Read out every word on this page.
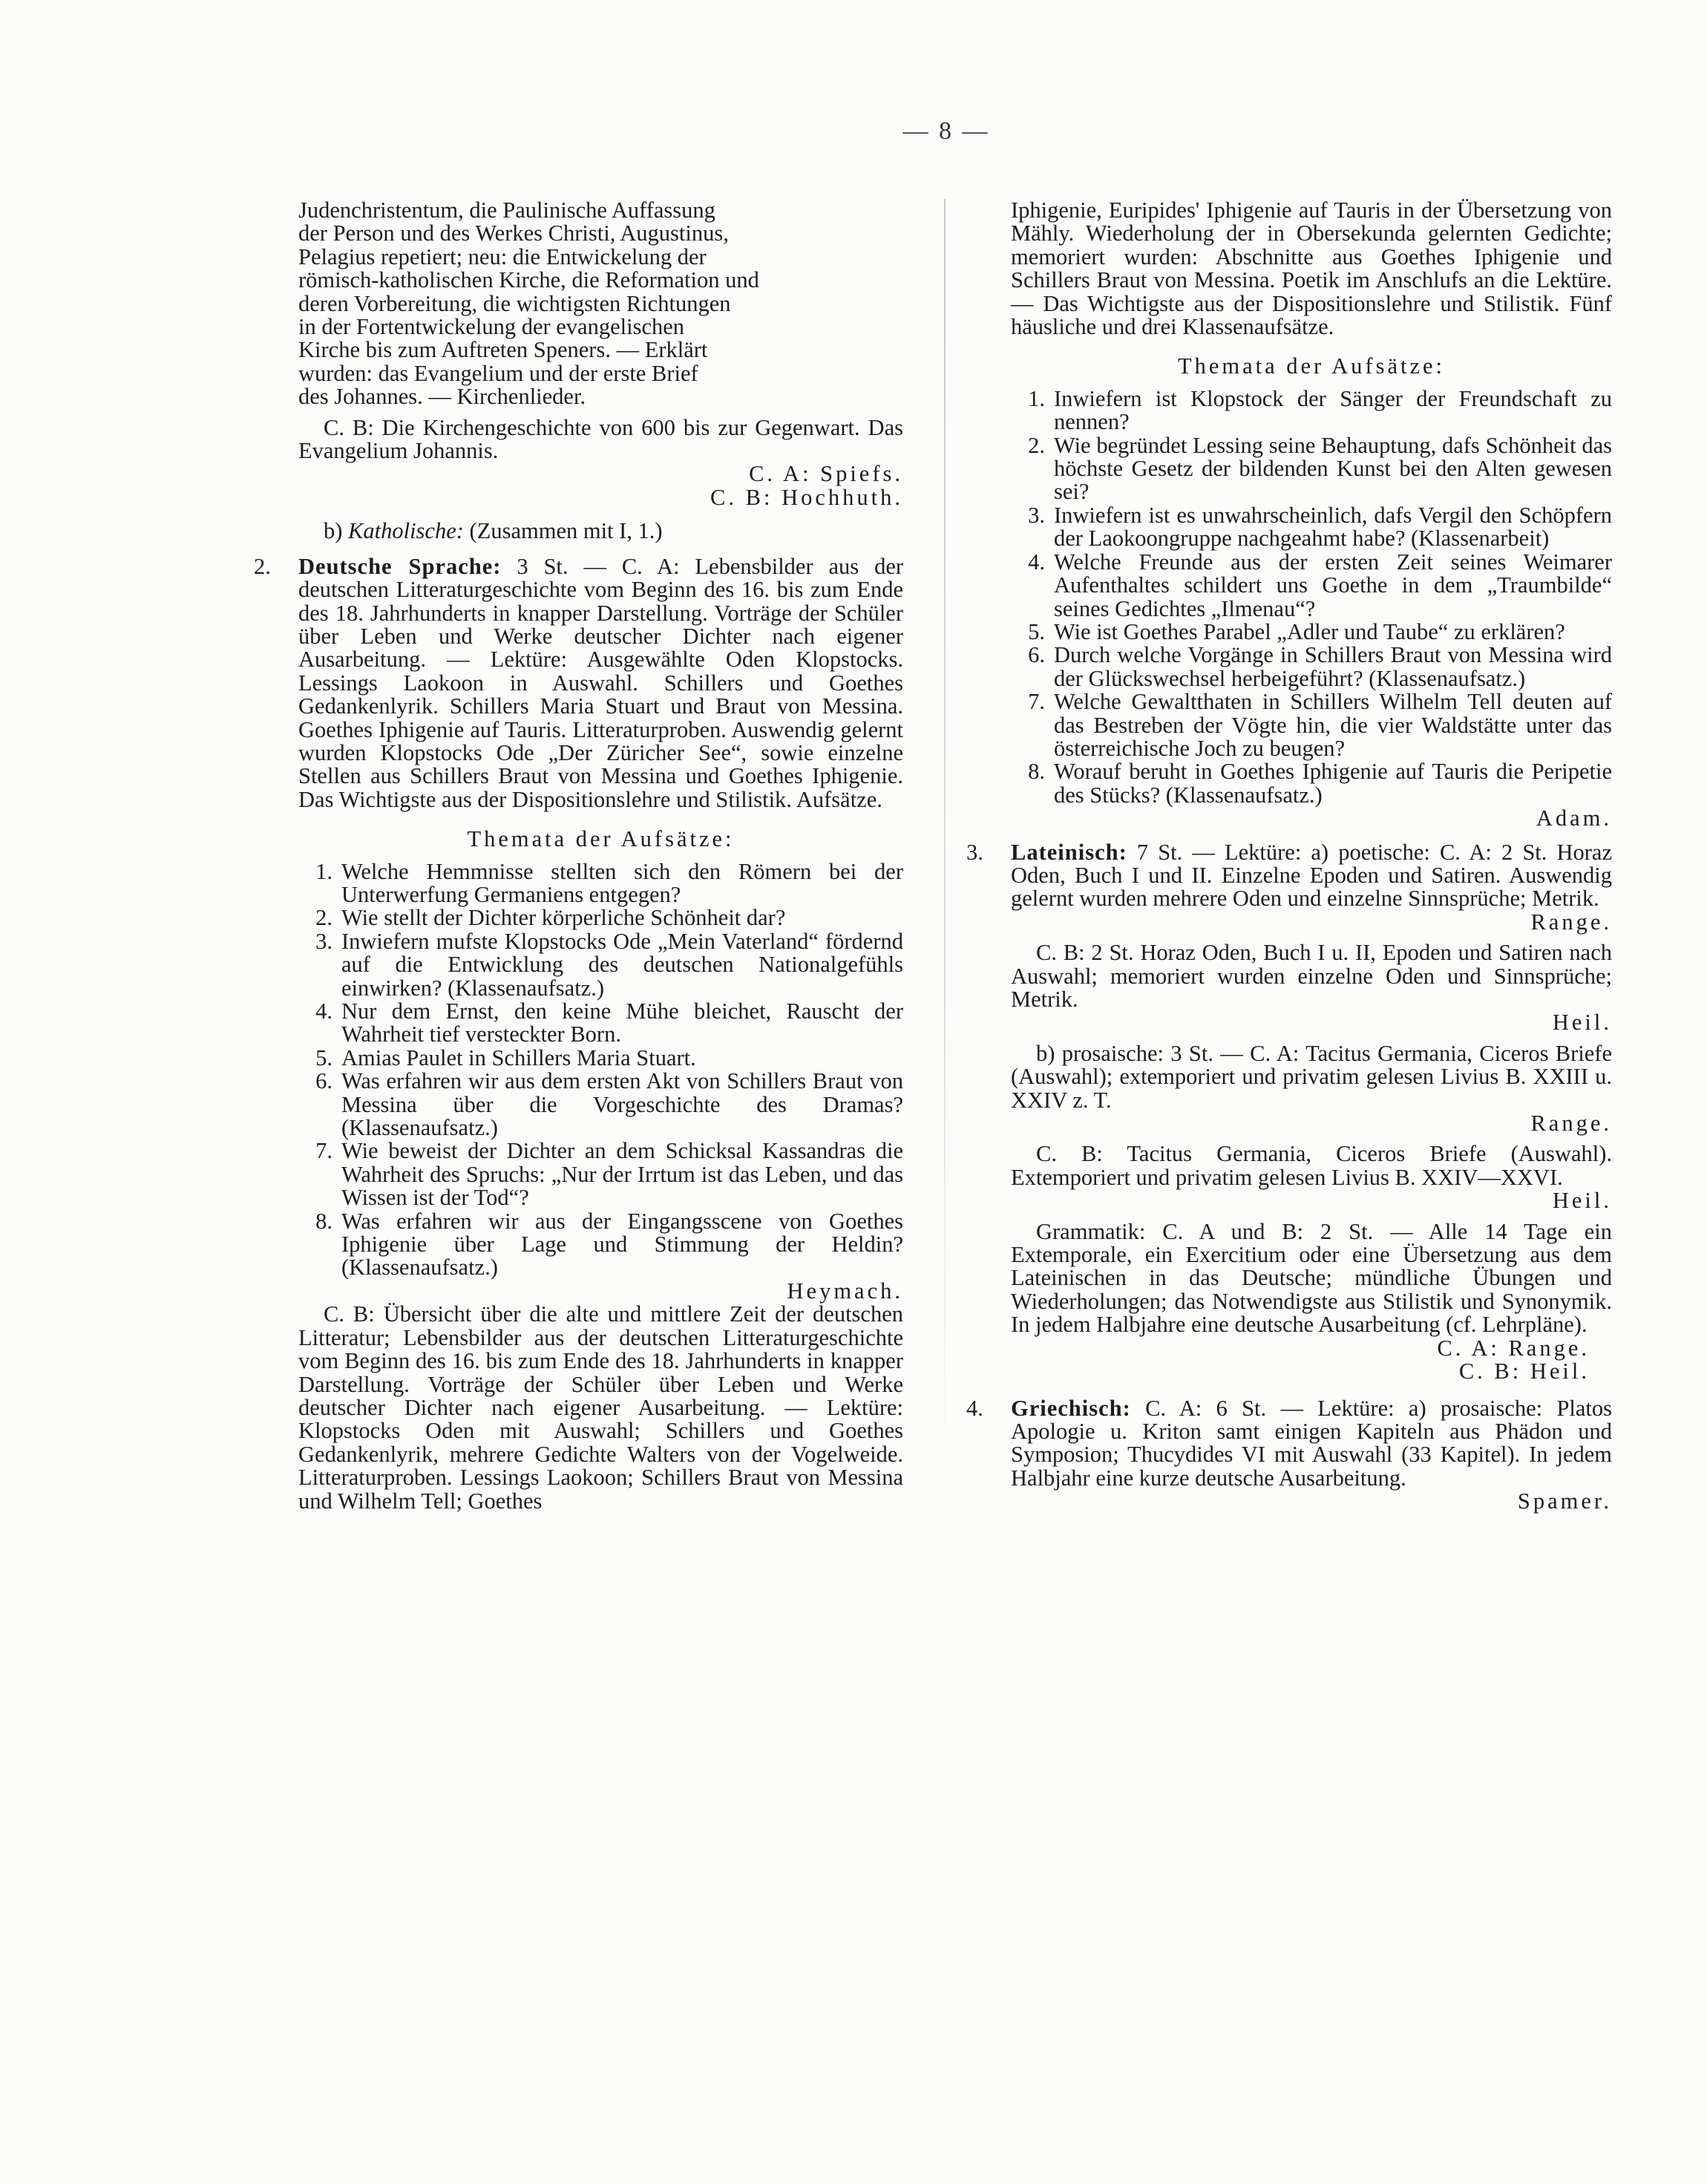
— 8 —
Judenchristentum, die Paulinische Auffassung
der Person und des Werkes Christi, Augustinus,
Pelagius repetiert; neu: die Entwickelung der
römisch-katholischen Kirche, die Reformation und
deren Vorbereitung, die wichtigsten Richtungen
in der Fortentwickelung der evangelischen
Kirche bis zum Auftreten Speners. — Erklärt
wurden: das Evangelium und der erste Brief
des Johannes. — Kirchenlieder.

C. B: Die Kirchengeschichte von 600 bis zur Gegenwart. Das Evangelium Johannis.

C. A: Spiefs.

C. B: Hochhuth.

b) Katholische: (Zusammen mit I, 1.)

2. Deutsche Sprache: 3 St. — C. A: Lebensbilder aus der deutschen Litteraturgeschichte vom Beginn des 16. bis zum Ende des 18. Jahrhunderts in knapper Darstellung. Vorträge der Schüler über Leben und Werke deutscher Dichter nach eigener Ausarbeitung. — Lektüre: Ausgewählte Oden Klopstocks. Lessings Laokoon in Auswahl. Schillers und Goethes Gedankenlyrik. Schillers Maria Stuart und Braut von Messina. Goethes Iphigenie auf Tauris. Litteraturproben. Auswendig gelernt wurden Klopstocks Ode „Der Züricher See“, sowie einzelne Stellen aus Schillers Braut von Messina und Goethes Iphigenie. Das Wichtigste aus der Dispositionslehre und Stilistik. Aufsätze.

Themata der Aufsätze:

1. Welche Hemmnisse stellten sich den Römern bei der Unterwerfung Germaniens entgegen?
2. Wie stellt der Dichter körperliche Schönheit dar?
3. Inwiefern mufste Klopstocks Ode „Mein Vaterland“ fördernd auf die Entwicklung des deutschen Nationalgefühls einwirken? (Klassenaufsatz.)
4. Nur dem Ernst, den keine Mühe bleichet, Rauscht der Wahrheit tief versteckter Born.
5. Amias Paulet in Schillers Maria Stuart.
6. Was erfahren wir aus dem ersten Akt von Schillers Braut von Messina über die Vorgeschichte des Dramas? (Klassenaufsatz.)
7. Wie beweist der Dichter an dem Schicksal Kassandras die Wahrheit des Spruchs: „Nur der Irrtum ist das Leben, und das Wissen ist der Tod“?
8. Was erfahren wir aus der Eingangsscene von Goethes Iphigenie über Lage und Stimmung der Heldin? (Klassenaufsatz.)

Heymach.

C. B: Übersicht über die alte und mittlere Zeit der deutschen Litteratur; Lebensbilder aus der deutschen Litteraturgeschichte vom Beginn des 16. bis zum Ende des 18. Jahrhunderts in knapper Darstellung. Vorträge der Schüler über Leben und Werke deutscher Dichter nach eigener Ausarbeitung. — Lektüre: Klopstocks Oden mit Auswahl; Schillers und Goethes Gedankenlyrik, mehrere Gedichte Walters von der Vogelweide. Litteraturproben. Lessings Laokoon; Schillers Braut von Messina und Wilhelm Tell; Goethes

Iphigenie, Euripides' Iphigenie auf Tauris in der Übersetzung von Mähly. Wiederholung der in Obersekunda gelernten Gedichte; memoriert wurden: Abschnitte aus Goethes Iphigenie und Schillers Braut von Messina. Poetik im Anschlufs an die Lektüre. — Das Wichtigste aus der Dispositionslehre und Stilistik. Fünf häusliche und drei Klassenaufsätze.

Themata der Aufsätze:

1. Inwiefern ist Klopstock der Sänger der Freundschaft zu nennen?
2. Wie begründet Lessing seine Behauptung, dafs Schönheit das höchste Gesetz der bildenden Kunst bei den Alten gewesen sei?
3. Inwiefern ist es unwahrscheinlich, dafs Vergil den Schöpfern der Laokoongruppe nachgeahmt habe? (Klassenarbeit)
4. Welche Freunde aus der ersten Zeit seines Weimarer Aufenthaltes schildert uns Goethe in dem „Traumbilde“ seines Gedichtes „Ilmenau“?
5. Wie ist Goethes Parabel „Adler und Taube“ zu erklären?
6. Durch welche Vorgänge in Schillers Braut von Messina wird der Glückswechsel herbeigeführt? (Klassenaufsatz.)
7. Welche Gewaltthaten in Schillers Wilhelm Tell deuten auf das Bestreben der Vögte hin, die vier Waldstätte unter das österreichische Joch zu beugen?
8. Worauf beruht in Goethes Iphigenie auf Tauris die Peripetie des Stücks? (Klassenaufsatz.)

Adam.

3. Lateinisch: 7 St. — Lektüre: a) poetische: C. A: 2 St. Horaz Oden, Buch I und II. Einzelne Epoden und Satiren. Auswendig gelernt wurden mehrere Oden und einzelne Sinnsprüche; Metrik.

Range.

C. B: 2 St. Horaz Oden, Buch I u. II, Epoden und Satiren nach Auswahl; memoriert wurden einzelne Oden und Sinnsprüche; Metrik.

Heil.

b) prosaische: 3 St. — C. A: Tacitus Germania, Ciceros Briefe (Auswahl); extemporiert und privatim gelesen Livius B. XXIII u. XXIV z. T.

Range.

C. B: Tacitus Germania, Ciceros Briefe (Auswahl). Extemporiert und privatim gelesen Livius B. XXIV—XXVI.

Heil.

Grammatik: C. A und B: 2 St. — Alle 14 Tage ein Extemporale, ein Exercitium oder eine Übersetzung aus dem Lateinischen in das Deutsche; mündliche Übungen und Wiederholungen; das Notwendigste aus Stilistik und Synonymik. In jedem Halbjahre eine deutsche Ausarbeitung (cf. Lehrpläne).

C. A: Range.

C. B: Heil.

4. Griechisch: C. A: 6 St. — Lektüre: a) prosaische: Platos Apologie u. Kriton samt einigen Kapiteln aus Phädon und Symposion; Thucydides VI mit Auswahl (33 Kapitel). In jedem Halbjahr eine kurze deutsche Ausarbeitung.

Spamer.
